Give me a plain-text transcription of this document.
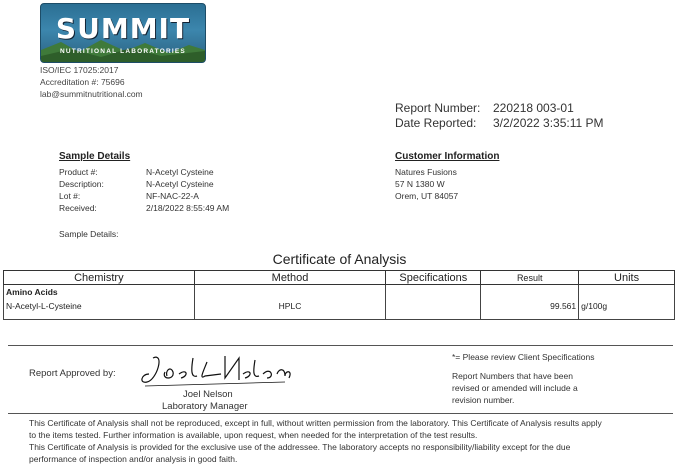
SUMMIT
NUTRITIONAL LABORATORIES
ISO/IEC 17025:2017
Accreditation #: 75696
lab@summitnutritional.com
Report Number: 220218 003-01
Date Reported: 3/2/2022 3:35:11 PM
Sample Details
Product #:	N-Acetyl Cysteine
Description:	N-Acetyl Cysteine
Lot #:	NF-NAC-22-A
Received:	2/18/2022 8:55:49 AM
Sample Details:
Customer Information
Natures Fusions
57 N 1380 W
Orem, UT 84057
Certificate of Analysis
Chemistry	Method	Specifications	Result	Units

Amino Acids
N-Acetyl-L-Cysteine	HPLC		99.561	g/100g
Report Approved by:
Joel Nelson
Laboratory Manager
*= Please review Client Specifications
Report Numbers that have been
revised or amended will include a
revision number.
This Certificate of Analysis shall not be reproduced, except in full, without written permission from the laboratory. This Certificate of Analysis results apply
to the items tested. Further information is available, upon request, when needed for the interpretation of the test results.
This Certificate of Analysis is provided for the exclusive use of the addressee. The laboratory accepts no responsibility/liability except for the due
performance of inspection and/or analysis in good faith.
